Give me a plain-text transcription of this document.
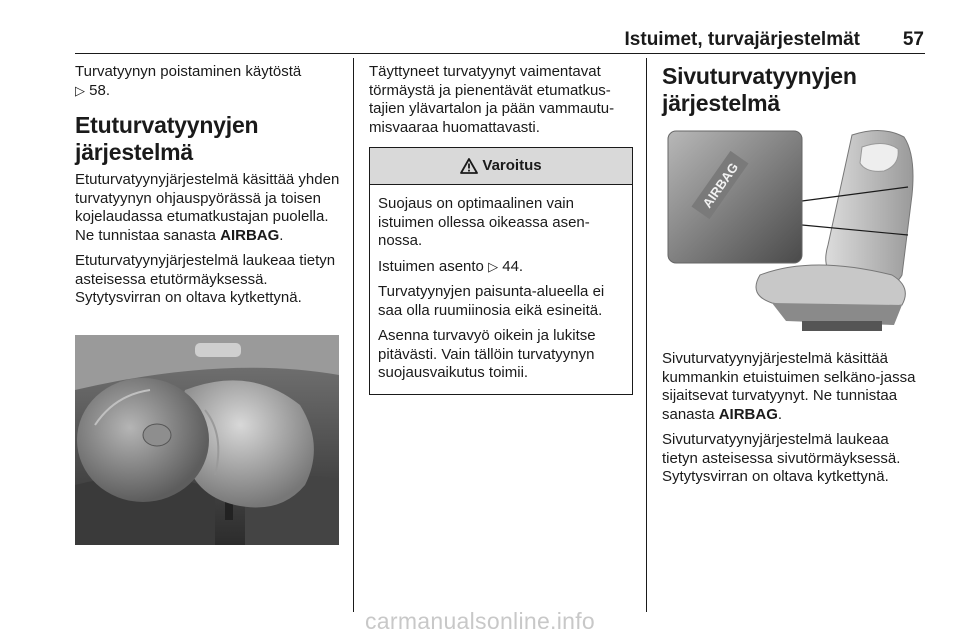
Istuimet, turvajärjestelmät	57

Turvatyynyn poistaminen käytöstä
▷ 58.

Etuturvatyynyjen
järjestelmä

Etuturvatyynyjärjestelmä käsittää yhden turvatyynyn ohjauspyörässä ja toisen kojelaudassa etumatkustajan puolella. Ne tunnistaa sanasta AIRBAG.

Etuturvatyynyjärjestelmä laukeaa tietyn asteisessa etutörmäyksessä. Sytytysvirran on oltava kytkettynä.

Täyttyneet turvatyynyt vaimentavat törmäystä ja pienentävät etumatkus-tajien ylävartalon ja pään vammautu-misvaaraa huomattavasti.

Varoitus

Suojaus on optimaalinen vain istuimen ollessa oikeassa asen-nossa.

Istuimen asento ▷ 44.

Turvatyynyjen paisunta-alueella ei saa olla ruumiinosia eikä esineitä.

Asenna turvavyö oikein ja lukitse pitävästi. Vain tällöin turvatyynyn suojausvaikutus toimii.

Sivuturvatyynyjen
järjestelmä
AIRBAG

Sivuturvatyynyjärjestelmä käsittää kummankin etuistuimen selkäno-jassa sijaitsevat turvatyynyt. Ne tunnistaa sanasta AIRBAG.

Sivuturvatyynyjärjestelmä laukeaa tietyn asteisessa sivutörmäyksessä. Sytytysvirran on oltava kytkettynä.

carmanualsonline.info
